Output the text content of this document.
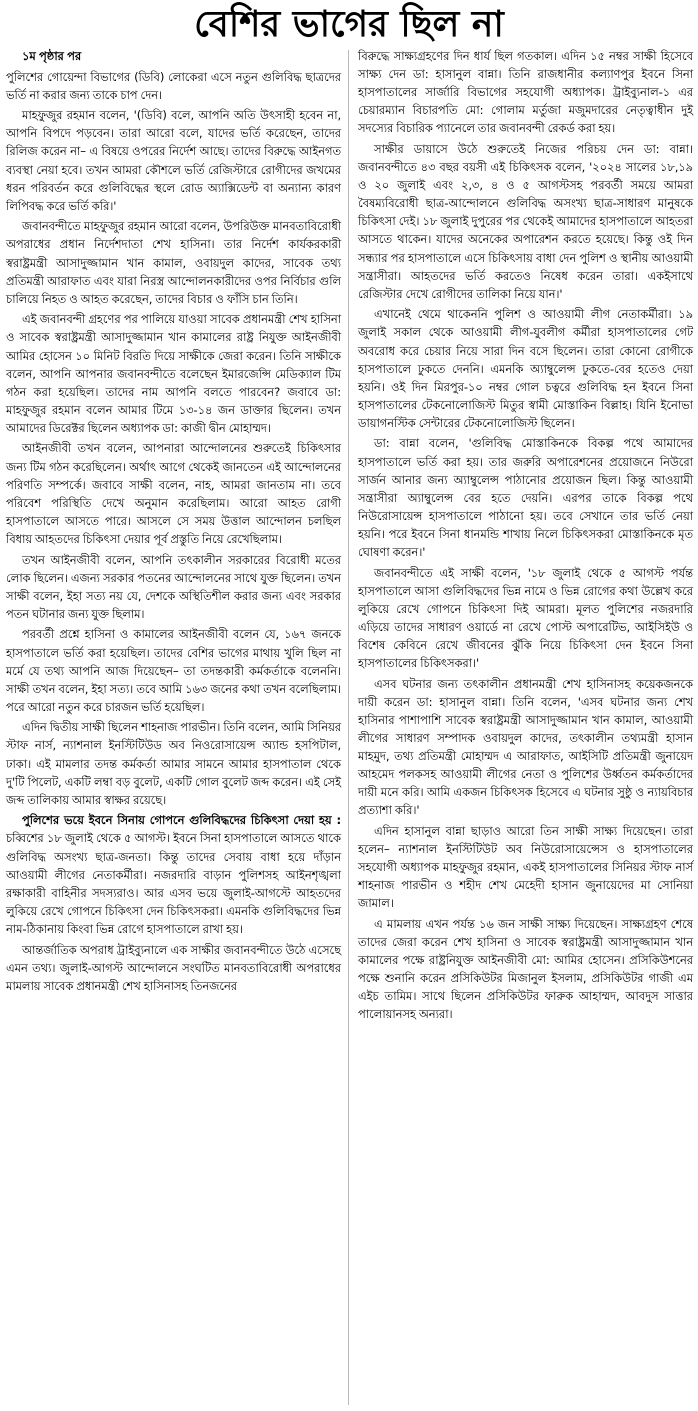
বেশির ভাগের ছিল না

১ম পৃষ্ঠার পর

পুলিশের গোয়েন্দা বিভাগের (ডিবি) লোকেরা এসে নতুন গুলিবিদ্ধ ছাত্রদের ভর্তি না করার জন্য তাকে চাপ দেন।

মাহফুজুর রহমান বলেন, '(ডিবি) বলে, আপনি অতি উৎসাহী হবেন না, আপনি বিপদে পড়বেন। তারা আরো বলে, যাদের ভর্তি করেছেন, তাদের রিলিজ করেন না– এ বিষয়ে ওপরের নির্দেশ আছে। তাদের বিরুদ্ধে আইনগত ব্যবস্থা নেয়া হবে। তখন আমরা কৌশলে ভর্তি রেজিস্টারে রোগীদের জখমের ধরন পরিবর্তন করে গুলিবিদ্ধের স্থলে রোড অ্যাক্সিডেন্ট বা অন্যান্য কারণ লিপিবদ্ধ করে ভর্তি করি।'

জবানবন্দীতে মাহফুজুর রহমান আরো বলেন, উপরিউক্ত মানবতাবিরোধী অপরাধের প্রধান নির্দেশদাতা শেখ হাসিনা। তার নির্দেশ কার্যকরকারী স্বরাষ্ট্রমন্ত্রী আসাদুজ্জামান খান কামাল, ওবায়দুল কাদের, সাবেক তথ্য প্রতিমন্ত্রী আরাফাত এবং যারা নিরস্ত্র আন্দোলনকারীদের ওপর নির্বিচার গুলি চালিয়ে নিহত ও আহত করেছেন, তাদের বিচার ও ফাঁসি চান তিনি।

এই জবানবন্দী গ্রহণের পর পালিয়ে যাওয়া সাবেক প্রধানমন্ত্রী শেখ হাসিনা ও সাবেক স্বরাষ্ট্রমন্ত্রী আসাদুজ্জামান খান কামালের রাষ্ট্র নিযুক্ত আইনজীবী আমির হোসেন ১০ মিনিট বিরতি দিয়ে সাক্ষীকে জেরা করেন। তিনি সাক্ষীকে বলেন, আপনি আপনার জবানবন্দীতে বলেছেন ইমারজেন্সি মেডিক্যাল টিম গঠন করা হয়েছিল। তাদের নাম আপনি বলতে পারবেন? জবাবে ডা: মাহফুজুর রহমান বলেন আমার টিমে ১৩-১৪ জন ডাক্তার ছিলেন। তখন আমাদের ডিরেক্টর ছিলেন অধ্যাপক ডা: কাজী দ্বীন মোহাম্মদ।

আইনজীবী তখন বলেন, আপনারা আন্দোলনের শুরুতেই চিকিৎসার জন্য টিম গঠন করেছিলেন। অর্থাৎ আগে থেকেই জানতেন এই আন্দোলনের পরিণতি সম্পর্কে। জবাবে সাক্ষী বলেন, নাহ, আমরা জানতাম না। তবে পরিবেশ পরিস্থিতি দেখে অনুমান করেছিলাম। আরো আহত রোগী হাসপাতালে আসতে পারে। আসলে সে সময় উত্তাল আন্দোলন চলছিল বিধায় আহতদের চিকিৎসা দেয়ার পূর্ব প্রস্তুতি নিয়ে রেখেছিলাম।

তখন আইনজীবী বলেন, আপনি তৎকালীন সরকারের বিরোধী মতের লোক ছিলেন। এজন্য সরকার পতনের আন্দোলনের সাথে যুক্ত ছিলেন। তখন সাক্ষী বলেন, ইহা সত্য নয় যে, দেশকে অস্থিতিশীল করার জন্য এবং সরকার পতন ঘটানার জন্য যুক্ত ছিলাম।

পরবর্তী প্রশ্নে হাসিনা ও কামালের আইনজীবী বলেন যে, ১৬৭ জনকে হাসপাতালে ভর্তি করা হয়েছিল। তাদের বেশির ভাগের মাথায় খুলি ছিল না মর্মে যে তথ্য আপনি আজ দিয়েছেন– তা তদন্তকারী কর্মকর্তাকে বলেননি। সাক্ষী তখন বলেন, ইহা সত্য। তবে আমি ১৬৩ জনের কথা তখন বলেছিলাম। পরে আরো নতুন করে চারজন ভর্তি হয়েছিল।

এদিন দ্বিতীয় সাক্ষী ছিলেন শাহনাজ পারভীন। তিনি বলেন, আমি সিনিয়র স্টাফ নার্স, ন্যাশনাল ইনস্টিটিউড অব নিওরোসায়েন্স অ্যান্ড হসপিটাল, ঢাকা। এই মামলার তদন্ত কর্মকর্তা আমার সামনে আমার হাসপাতাল থেকে দু'টি পিলেট, একটি লম্বা বড় বুলেট, একটি গোল বুলেট জব্দ করেন। এই সেই জব্দ তালিকায় আমার স্বাক্ষর রয়েছে।

পুলিশের ভয়ে ইবনে সিনায় গোপনে গুলিবিদ্ধদের চিকিৎসা দেয়া হয় : চব্বিশের ১৮ জুলাই থেকে ৫ আগস্ট। ইবনে সিনা হাসপাতালে আসতে থাকে গুলিবিদ্ধ অসংখ্য ছাত্র-জনতা। কিন্তু তাদের সেবায় বাধা হয়ে দাঁড়ান আওয়ামী লীগের নেতাকর্মীরা। নজরদারি বাড়ান পুলিশসহ আইনশৃঙ্খলা রক্ষাকারী বাহিনীর সদস্যরাও। আর এসব ভয়ে জুলাই-আগস্টে আহতদের লুকিয়ে রেখে গোপনে চিকিৎসা দেন চিকিৎসকরা। এমনকি গুলিবিদ্ধদের ভিন্ন নাম-ঠিকানায় কিংবা ভিন্ন রোগে হাসপাতালে রাখা হয়।

আন্তর্জাতিক অপরাধ ট্রাইব্যুনালে এক সাক্ষীর জবানবন্দীতে উঠে এসেছে এমন তথ্য। জুলাই-আগস্ট আন্দোলনে সংঘটিত মানবতাবিরোধী অপরাধের মামলায় সাবেক প্রধানমন্ত্রী শেখ হাসিনাসহ তিনজনের

বিরুদ্ধে সাক্ষ্যগ্রহণের দিন ধার্য ছিল গতকাল। এদিন ১৫ নম্বর সাক্ষী হিসেবে সাক্ষ্য দেন ডা: হাসানুল বান্না। তিনি রাজধানীর কল্যাণপুর ইবনে সিনা হাসপাতালের সার্জারি বিভাগের সহযোগী অধ্যাপক। ট্রাইব্যুনাল-১ এর চেয়ারম্যান বিচারপতি মো: গোলাম মর্তুজা মজুমদারের নেতৃত্বাধীন দুই সদস্যের বিচারিক প্যানেলে তার জবানবন্দী রেকর্ড করা হয়।

সাক্ষীর ডায়াসে উঠে শুরুতেই নিজের পরিচয় দেন ডা: বান্না। জবানবন্দীতে ৪৩ বছর বয়সী এই চিকিৎসক বলেন, '২০২৪ সালের ১৮,১৯ ও ২০ জুলাই এবং ২,৩, ৪ ও ৫ আগস্টসহ পরবর্তী সময়ে আমরা বৈষম্যবিরোধী ছাত্র-আন্দোলনে গুলিবিদ্ধ অসংখ্য ছাত্র-সাধারণ মানুষকে চিকিৎসা দেই। ১৮ জুলাই দুপুরের পর থেকেই আমাদের হাসপাতালে আহতরা আসতে থাকেন। যাদের অনেকের অপারেশন করতে হয়েছে। কিন্তু ওই দিন সন্ধ্যার পর হাসপাতালে এসে চিকিৎসায় বাধা দেন পুলিশ ও স্থানীয় আওয়ামী সন্ত্রাসীরা। আহতদের ভর্তি করতেও নিষেধ করেন তারা। একইসাথে রেজিস্টার দেখে রোগীদের তালিকা নিয়ে যান।'

এখানেই থেমে থাকেননি পুলিশ ও আওয়ামী লীগ নেতাকর্মীরা। ১৯ জুলাই সকাল থেকে আওয়ামী লীগ-যুবলীগ কর্মীরা হাসপাতালের গেট অবরোধ করে চেয়ার নিয়ে সারা দিন বসে ছিলেন। তারা কোনো রোগীকে হাসপাতালে ঢুকতে দেননি। এমনকি অ্যাম্বুলেন্স ঢুকতে-বের হতেও দেয়া হয়নি। ওই দিন মিরপুর-১০ নম্বর গোল চত্বরে গুলিবিদ্ধ হন ইবনে সিনা হাসপাতালের টেকনোলোজিস্ট মিতুর স্বামী মোস্তাকিন বিল্লাহ। যিনি ইনোভা ডায়াগনস্টিক সেন্টারের টেকনোলোজিস্ট ছিলেন।

ডা: বান্না বলেন, 'গুলিবিদ্ধ মোস্তাকিনকে বিকল্প পথে আমাদের হাসপাতালে ভর্তি করা হয়। তার জরুরি অপারেশনের প্রয়োজনে নিউরো সার্জন আনার জন্য অ্যাম্বুলেন্স পাঠানোর প্রয়োজন ছিল। কিন্তু আওয়ামী সন্ত্রাসীরা অ্যাম্বুলেন্স বের হতে দেয়নি। এরপর তাকে বিকল্প পথে নিউরোসায়েন্স হাসপাতালে পাঠানো হয়। তবে সেখানে তার ভর্তি নেয়া হয়নি। পরে ইবনে সিনা ধানমন্ডি শাখায় নিলে চিকিৎসকরা মোস্তাকিনকে মৃত ঘোষণা করেন।'

জবানবন্দীতে এই সাক্ষী বলেন, '১৮ জুলাই থেকে ৫ আগস্ট পর্যন্ত হাসপাতালে আসা গুলিবিদ্ধদের ভিন্ন নামে ও ভিন্ন রোগের কথা উল্লেখ করে লুকিয়ে রেখে গোপনে চিকিৎসা দিই আমরা। মূলত পুলিশের নজরদারি এড়িয়ে তাদের সাধারণ ওয়ার্ডে না রেখে পোস্ট অপারেটিভ, আইসিইউ ও বিশেষ কেবিনে রেখে জীবনের ঝুঁকি নিয়ে চিকিৎসা দেন ইবনে সিনা হাসপাতালের চিকিৎসকরা।'

এসব ঘটনার জন্য তৎকালীন প্রধানমন্ত্রী শেখ হাসিনাসহ কয়েকজনকে দায়ী করেন ডা: হাসানুল বান্না। তিনি বলেন, 'এসব ঘটনার জন্য শেখ হাসিনার পাশাপাশি সাবেক স্বরাষ্ট্রমন্ত্রী আসাদুজ্জামান খান কামাল, আওয়ামী লীগের সাধারণ সম্পাদক ওবায়দুল কাদের, তৎকালীন তথ্যমন্ত্রী হাসান মাহমুদ, তথ্য প্রতিমন্ত্রী মোহাম্মদ এ আরাফাত, আইসিটি প্রতিমন্ত্রী জুনায়েদ আহমেদ পলকসহ আওয়ামী লীগের নেতা ও পুলিশের উর্ধ্বতন কর্মকর্তাদের দায়ী মনে করি। আমি একজন চিকিৎসক হিসেবে এ ঘটনার সুষ্ঠু ও ন্যায়বিচার প্রত্যাশা করি।'

এদিন হাসানুল বান্না ছাড়াও আরো তিন সাক্ষী সাক্ষ্য দিয়েছেন। তারা হলেন– ন্যাশনাল ইনস্টিটিউট অব নিউরোসায়েন্সেস ও হাসপাতালের সহযোগী অধ্যাপক মাহফুজুর রহমান, একই হাসপাতালের সিনিয়র স্টাফ নার্স শাহনাজ পারভীন ও শহীদ শেখ মেহেদী হাসান জুনায়েদের মা সোনিয়া জামাল।

এ মামলায় এখন পর্যন্ত ১৬ জন সাক্ষী সাক্ষ্য দিয়েছেন। সাক্ষ্যগ্রহণ শেষে তাদের জেরা করেন শেখ হাসিনা ও সাবেক স্বরাষ্ট্রমন্ত্রী আসাদুজ্জামান খান কামালের পক্ষে রাষ্ট্রনিযুক্ত আইনজীবী মো: আমির হোসেন। প্রসিকিউশনের পক্ষে শুনানি করেন প্রসিকিউটর মিজানুল ইসলাম, প্রসিকিউটর গাজী এম এইচ তামিম। সাথে ছিলেন প্রসিকিউটর ফারুক আহাম্মদ, আবদুস সাত্তার পালোয়ানসহ অন্যরা।
